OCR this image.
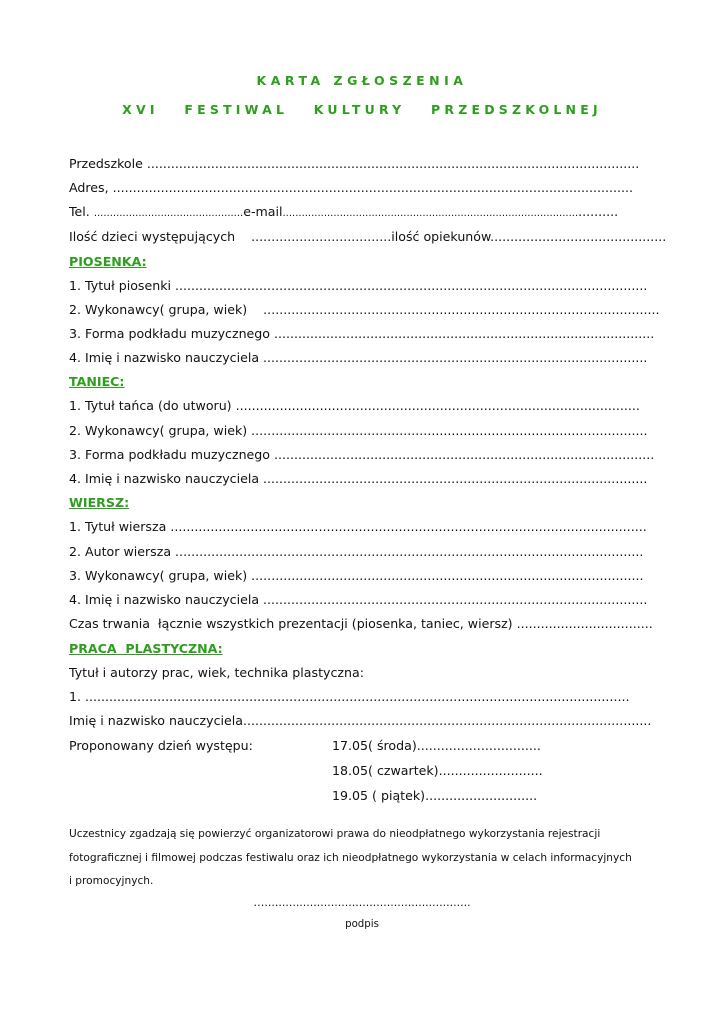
KARTA ZGŁOSZENIA
XVI   FESTIWAL   KULTURY   PRZEDSZKOLNEJ
Przedszkole ...........................................................................................................................
Adres, ..................................................................................................................................
Tel. ...............................................e-mail.......................................................................................................
Ilość dzieci występujących    ...................................ilość opiekunów............................................
PIOSENKA:
1. Tytuł piosenki ......................................................................................................................
2. Wykonawcy( grupa, wiek)    ...................................................................................................
3. Forma podkładu muzycznego ...............................................................................................
4. Imię i nazwisko nauczyciela ................................................................................................
TANIEC:
1. Tytuł tańca (do utworu) .....................................................................................................
2. Wykonawcy( grupa, wiek) ...................................................................................................
3. Forma podkładu muzycznego ...............................................................................................
4. Imię i nazwisko nauczyciela ................................................................................................
WIERSZ:
1. Tytuł wiersza .......................................................................................................................
2. Autor wiersza .....................................................................................................................
3. Wykonawcy( grupa, wiek) ..................................................................................................
4. Imię i nazwisko nauczyciela ................................................................................................
Czas trwania  łącznie wszystkich prezentacji (piosenka, taniec, wiersz) ..................................
PRACA  PLASTYCZNA:
Tytuł i autorzy prac, wiek, technika plastyczna:
1. ........................................................................................................................................
Imię i nazwisko nauczyciela......................................................................................................
Proponowany dzień występu:	17.05( środa)...............................
18.05( czwartek)..........................
19.05 ( piątek)............................
Uczestnicy zgadzają się powierzyć organizatorowi prawa do nieodpłatnego wykorzystania rejestracji
fotograficznej i filmowej podczas festiwalu oraz ich nieodpłatnego wykorzystania w celach informacyjnych
i promocyjnych.
…...........................................................
podpis
